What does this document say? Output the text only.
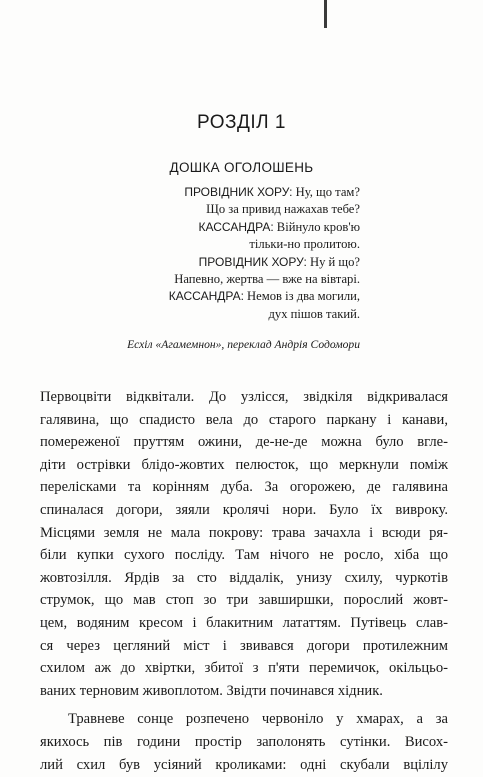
РОЗДІЛ 1
ДОШКА ОГОЛОШЕНЬ
ПРОВІДНИК ХОРУ: Ну, що там?
Що за привид нажахав тебе?
КАССАНДРА: Війнуло кров'ю
тільки-но пролитою.
ПРОВІДНИК ХОРУ: Ну й що?
Напевно, жертва — вже на вівтарі.
КАССАНДРА: Немов із два могили,
дух пішов такий.
Есхіл «Агамемнон», переклад Андрія Содомори

Первоцвіти відквітали. До узлісся, звідкіля відкривалася
галявина, що спадисто вела до старого паркану і канави,
помереженої пруттям ожини, де-не-де можна було вгле-
діти острівки блідо-жовтих пелюсток, що меркнули поміж
перелісками та корінням дуба. За огорожею, де галявина
спиналася догори, зяяли кролячі нори. Було їх вивроку.
Місцями земля не мала покрову: трава зачахла і всюди ря-
біли купки сухого посліду. Там нічого не росло, хіба що
жовтозілля. Ярдів за сто віддалік, унизу схилу, чуркотів
струмок, що мав стоп зо три завширшки, порослий жовт-
цем, водяним кресом і блакитним лататтям. Путівець слав-
ся через цегляний міст і звивався догори протилежним
схилом аж до хвіртки, збитої з п'яти перемичок, окільцьо-
ваних терновим живоплотом. Звідти починався хідник.

Травневе сонце розпечено червоніло у хмарах, а за
якихось пів години простір заполонять сутінки. Висох-
лий схил був усіяний кроликами: одні скубали вцілілу
